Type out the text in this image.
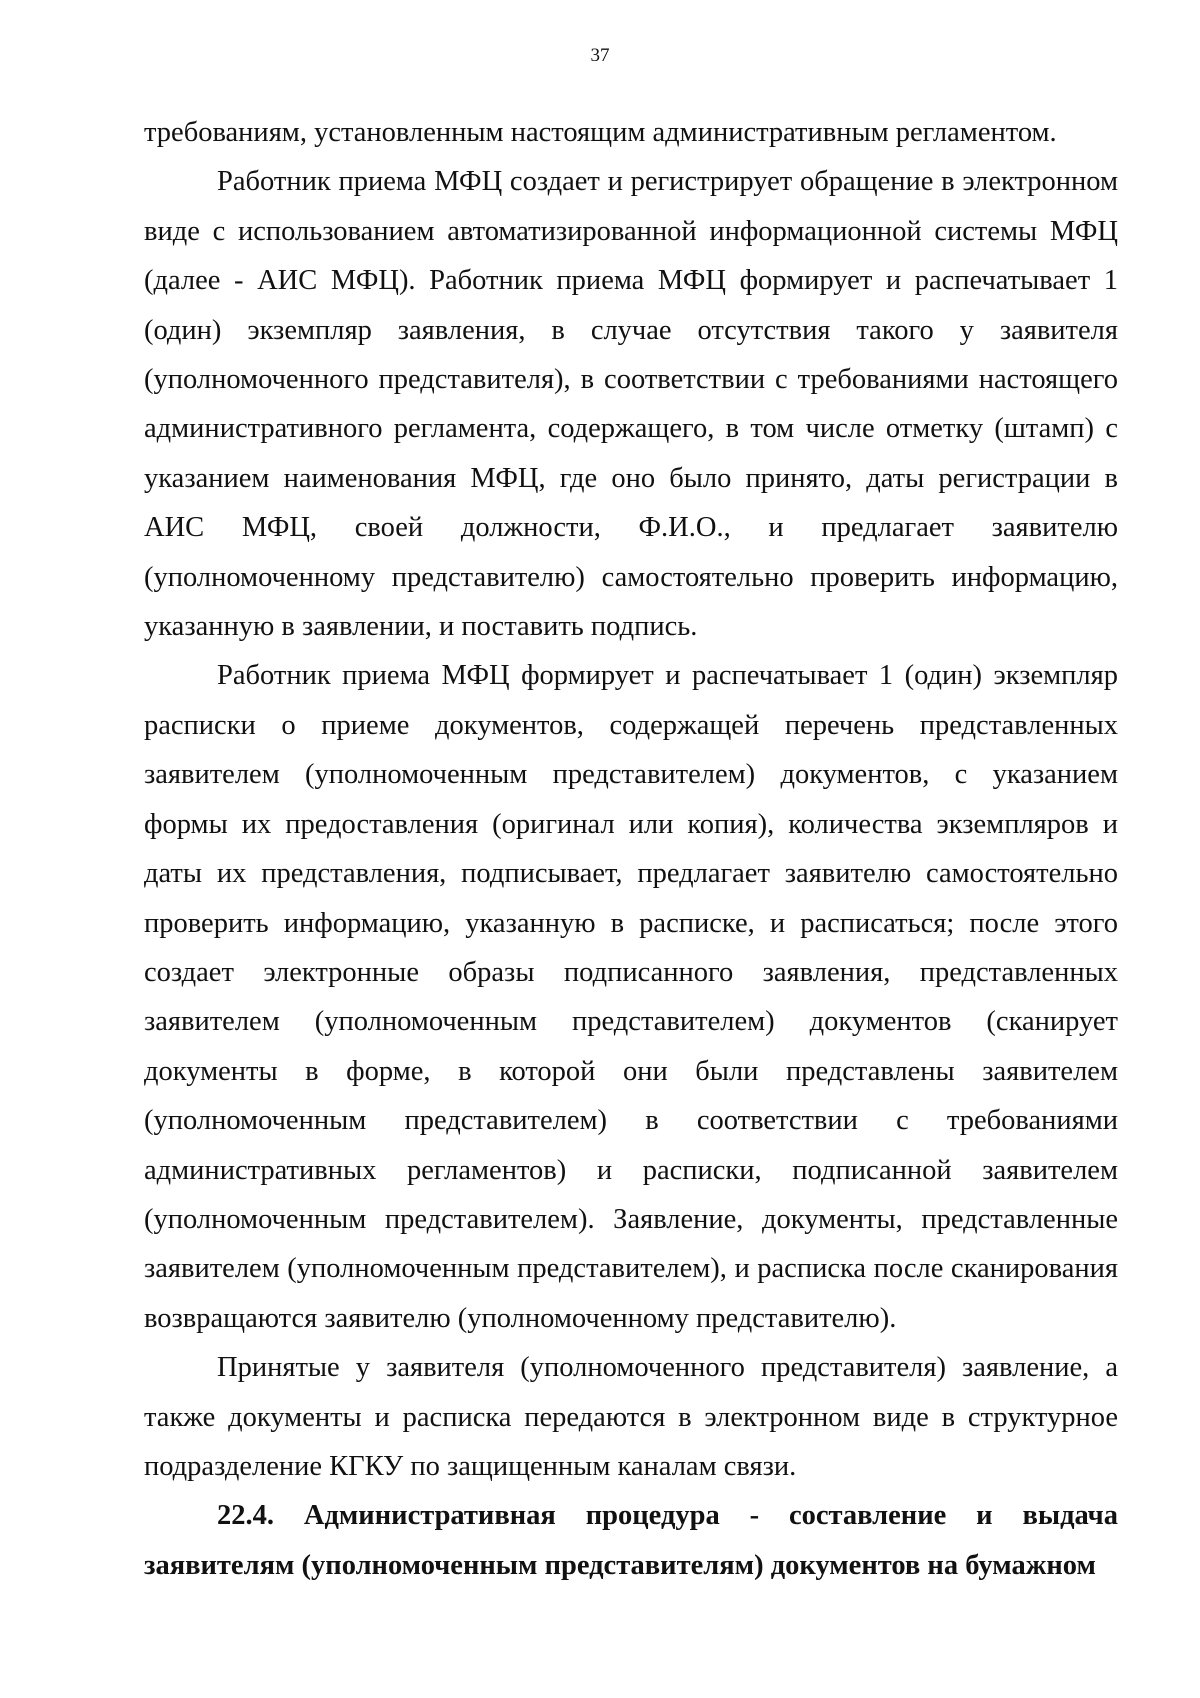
37

требованиям, установленным настоящим административным регламентом.

Работник приема МФЦ создает и регистрирует обращение в электронном виде с использованием автоматизированной информационной системы МФЦ (далее - АИС МФЦ). Работник приема МФЦ формирует и распечатывает 1 (один) экземпляр заявления, в случае отсутствия такого у заявителя (уполномоченного представителя), в соответствии с требованиями настоящего административного регламента, содержащего, в том числе отметку (штамп) с указанием наименования МФЦ, где оно было принято, даты регистрации в АИС МФЦ, своей должности, Ф.И.О., и предлагает заявителю (уполномоченному представителю) самостоятельно проверить информацию, указанную в заявлении, и поставить подпись.

Работник приема МФЦ формирует и распечатывает 1 (один) экземпляр расписки о приеме документов, содержащей перечень представленных заявителем (уполномоченным представителем) документов, с указанием формы их предоставления (оригинал или копия), количества экземпляров и даты их представления, подписывает, предлагает заявителю самостоятельно проверить информацию, указанную в расписке, и расписаться; после этого создает электронные образы подписанного заявления, представленных заявителем (уполномоченным представителем) документов (сканирует документы в форме, в которой они были представлены заявителем (уполномоченным представителем) в соответствии с требованиями административных регламентов) и расписки, подписанной заявителем (уполномоченным представителем). Заявление, документы, представленные заявителем (уполномоченным представителем), и расписка после сканирования возвращаются заявителю (уполномоченному представителю).

Принятые у заявителя (уполномоченного представителя) заявление, а также документы и расписка передаются в электронном виде в структурное подразделение КГКУ по защищенным каналам связи.

22.4. Административная процедура - составление и выдача заявителям (уполномоченным представителям) документов на бумажном
